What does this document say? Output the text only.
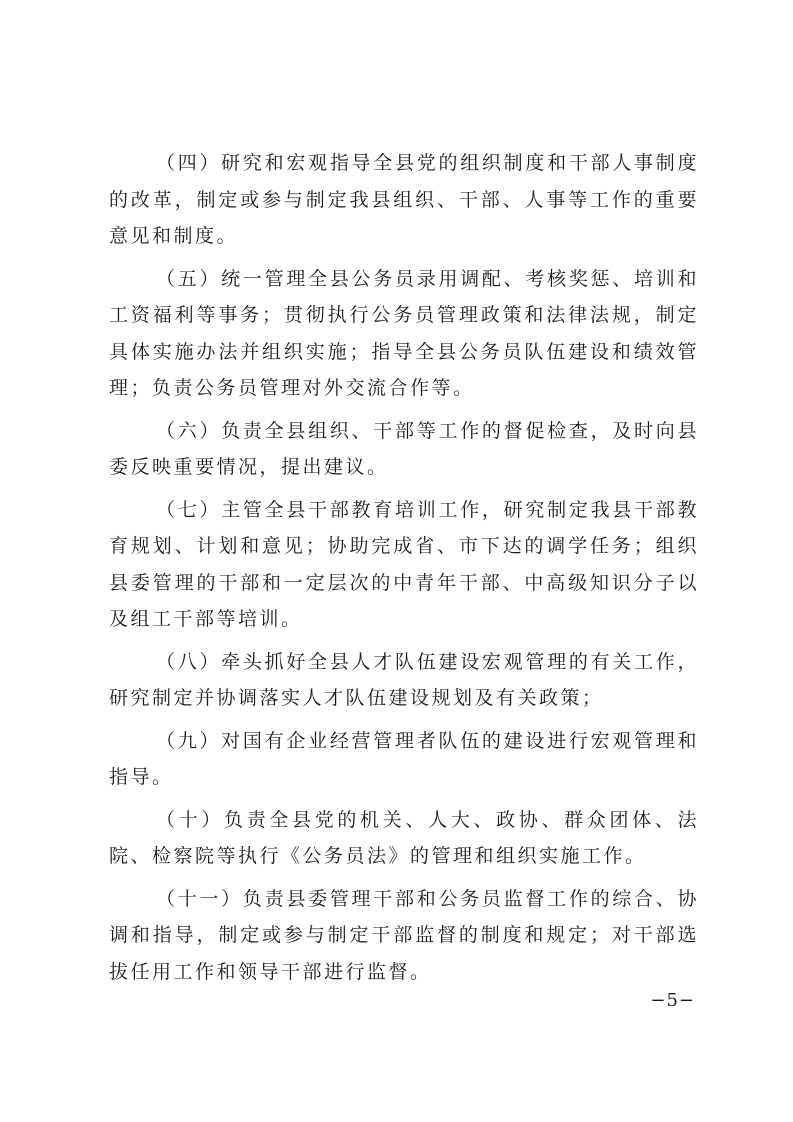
（四）研究和宏观指导全县党的组织制度和干部人事制度的改革，制定或参与制定我县组织、干部、人事等工作的重要意见和制度。

（五）统一管理全县公务员录用调配、考核奖惩、培训和工资福利等事务；贯彻执行公务员管理政策和法律法规，制定具体实施办法并组织实施；指导全县公务员队伍建设和绩效管理；负责公务员管理对外交流合作等。

（六）负责全县组织、干部等工作的督促检查，及时向县委反映重要情况，提出建议。

（七）主管全县干部教育培训工作，研究制定我县干部教育规划、计划和意见；协助完成省、市下达的调学任务；组织县委管理的干部和一定层次的中青年干部、中高级知识分子以及组工干部等培训。

（八）牵头抓好全县人才队伍建设宏观管理的有关工作，研究制定并协调落实人才队伍建设规划及有关政策；

（九）对国有企业经营管理者队伍的建设进行宏观管理和指导。

（十）负责全县党的机关、人大、政协、群众团体、法院、检察院等执行《公务员法》的管理和组织实施工作。

（十一）负责县委管理干部和公务员监督工作的综合、协调和指导，制定或参与制定干部监督的制度和规定；对干部选拔任用工作和领导干部进行监督。

−5−
